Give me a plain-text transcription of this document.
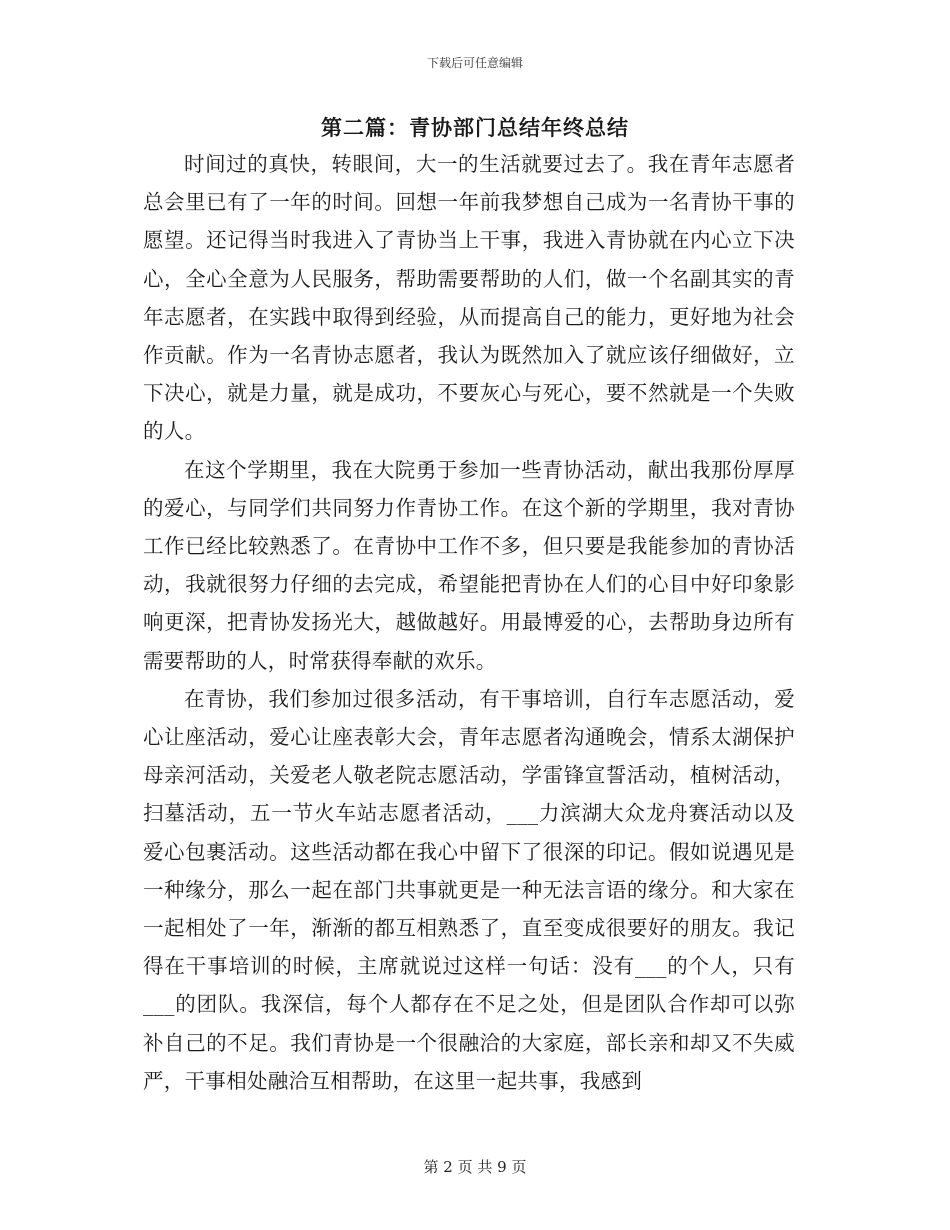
下载后可任意编辑
第二篇：青协部门总结年终总结

时间过的真快，转眼间，大一的生活就要过去了。我在青年志愿者总会里已有了一年的时间。回想一年前我梦想自己成为一名青协干事的愿望。还记得当时我进入了青协当上干事，我进入青协就在内心立下决心，全心全意为人民服务，帮助需要帮助的人们，做一个名副其实的青年志愿者，在实践中取得到经验，从而提高自己的能力，更好地为社会作贡献。作为一名青协志愿者，我认为既然加入了就应该仔细做好，立下决心，就是力量，就是成功，不要灰心与死心，要不然就是一个失败的人。

在这个学期里，我在大院勇于参加一些青协活动，献出我那份厚厚的爱心，与同学们共同努力作青协工作。在这个新的学期里，我对青协工作已经比较熟悉了。在青协中工作不多，但只要是我能参加的青协活动，我就很努力仔细的去完成，希望能把青协在人们的心目中好印象影响更深，把青协发扬光大，越做越好。用最博爱的心，去帮助身边所有需要帮助的人，时常获得奉献的欢乐。

在青协，我们参加过很多活动，有干事培训，自行车志愿活动，爱心让座活动，爱心让座表彰大会，青年志愿者沟通晚会，情系太湖保护母亲河活动，关爱老人敬老院志愿活动，学雷锋宣誓活动，植树活动，扫墓活动，五一节火车站志愿者活动，___力滨湖大众龙舟赛活动以及爱心包裹活动。这些活动都在我心中留下了很深的印记。假如说遇见是一种缘分，那么一起在部门共事就更是一种无法言语的缘分。和大家在一起相处了一年，渐渐的都互相熟悉了，直至变成很要好的朋友。我记得在干事培训的时候，主席就说过这样一句话：没有___的个人，只有___的团队。我深信，每个人都存在不足之处，但是团队合作却可以弥补自己的不足。我们青协是一个很融洽的大家庭，部长亲和却又不失威严，干事相处融洽互相帮助，在这里一起共事，我感到

第 2 页 共 9 页
